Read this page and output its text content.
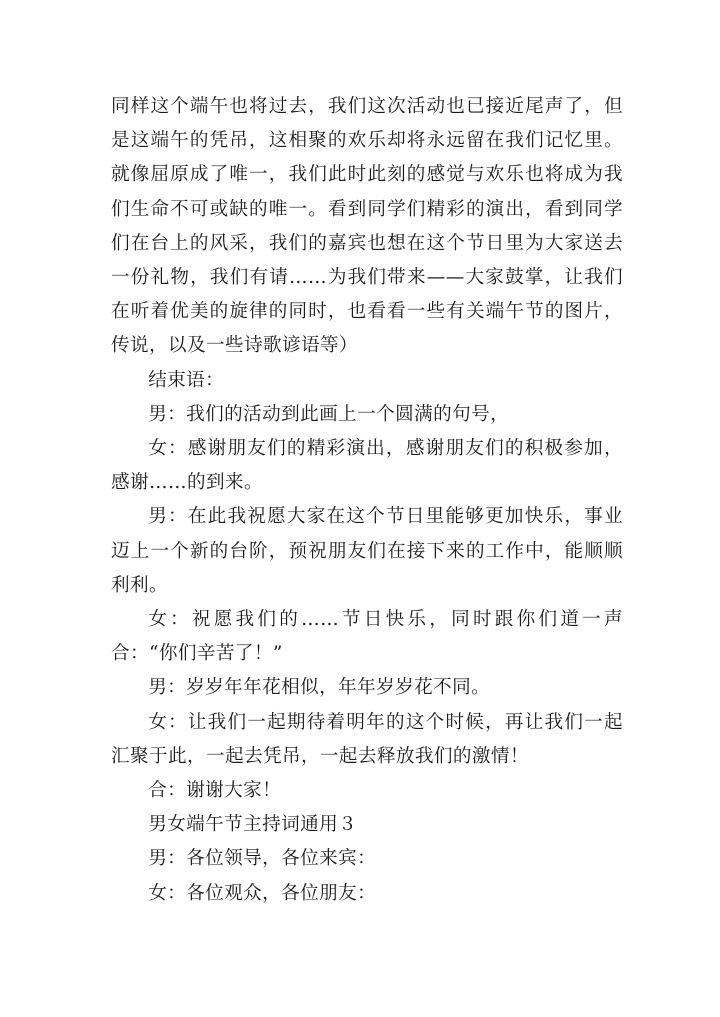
同样这个端午也将过去，我们这次活动也已接近尾声了，但是这端午的凭吊，这相聚的欢乐却将永远留在我们记忆里。就像屈原成了唯一，我们此时此刻的感觉与欢乐也将成为我们生命不可或缺的唯一。看到同学们精彩的演出，看到同学们在台上的风采，我们的嘉宾也想在这个节日里为大家送去一份礼物，我们有请……为我们带来——大家鼓掌，让我们在听着优美的旋律的同时，也看看一些有关端午节的图片，传说，以及一些诗歌谚语等）

结束语：

男：我们的活动到此画上一个圆满的句号，

女：感谢朋友们的精彩演出，感谢朋友们的积极参加，感谢……的到来。

男：在此我祝愿大家在这个节日里能够更加快乐，事业迈上一个新的台阶，预祝朋友们在接下来的工作中，能顺顺利利。

女：祝愿我们的……节日快乐，同时跟你们道一声合：“你们辛苦了！”

男：岁岁年年花相似，年年岁岁花不同。

女：让我们一起期待着明年的这个时候，再让我们一起汇聚于此，一起去凭吊，一起去释放我们的激情！

合：谢谢大家！

男女端午节主持词通用３

男：各位领导，各位来宾：

女：各位观众，各位朋友：
